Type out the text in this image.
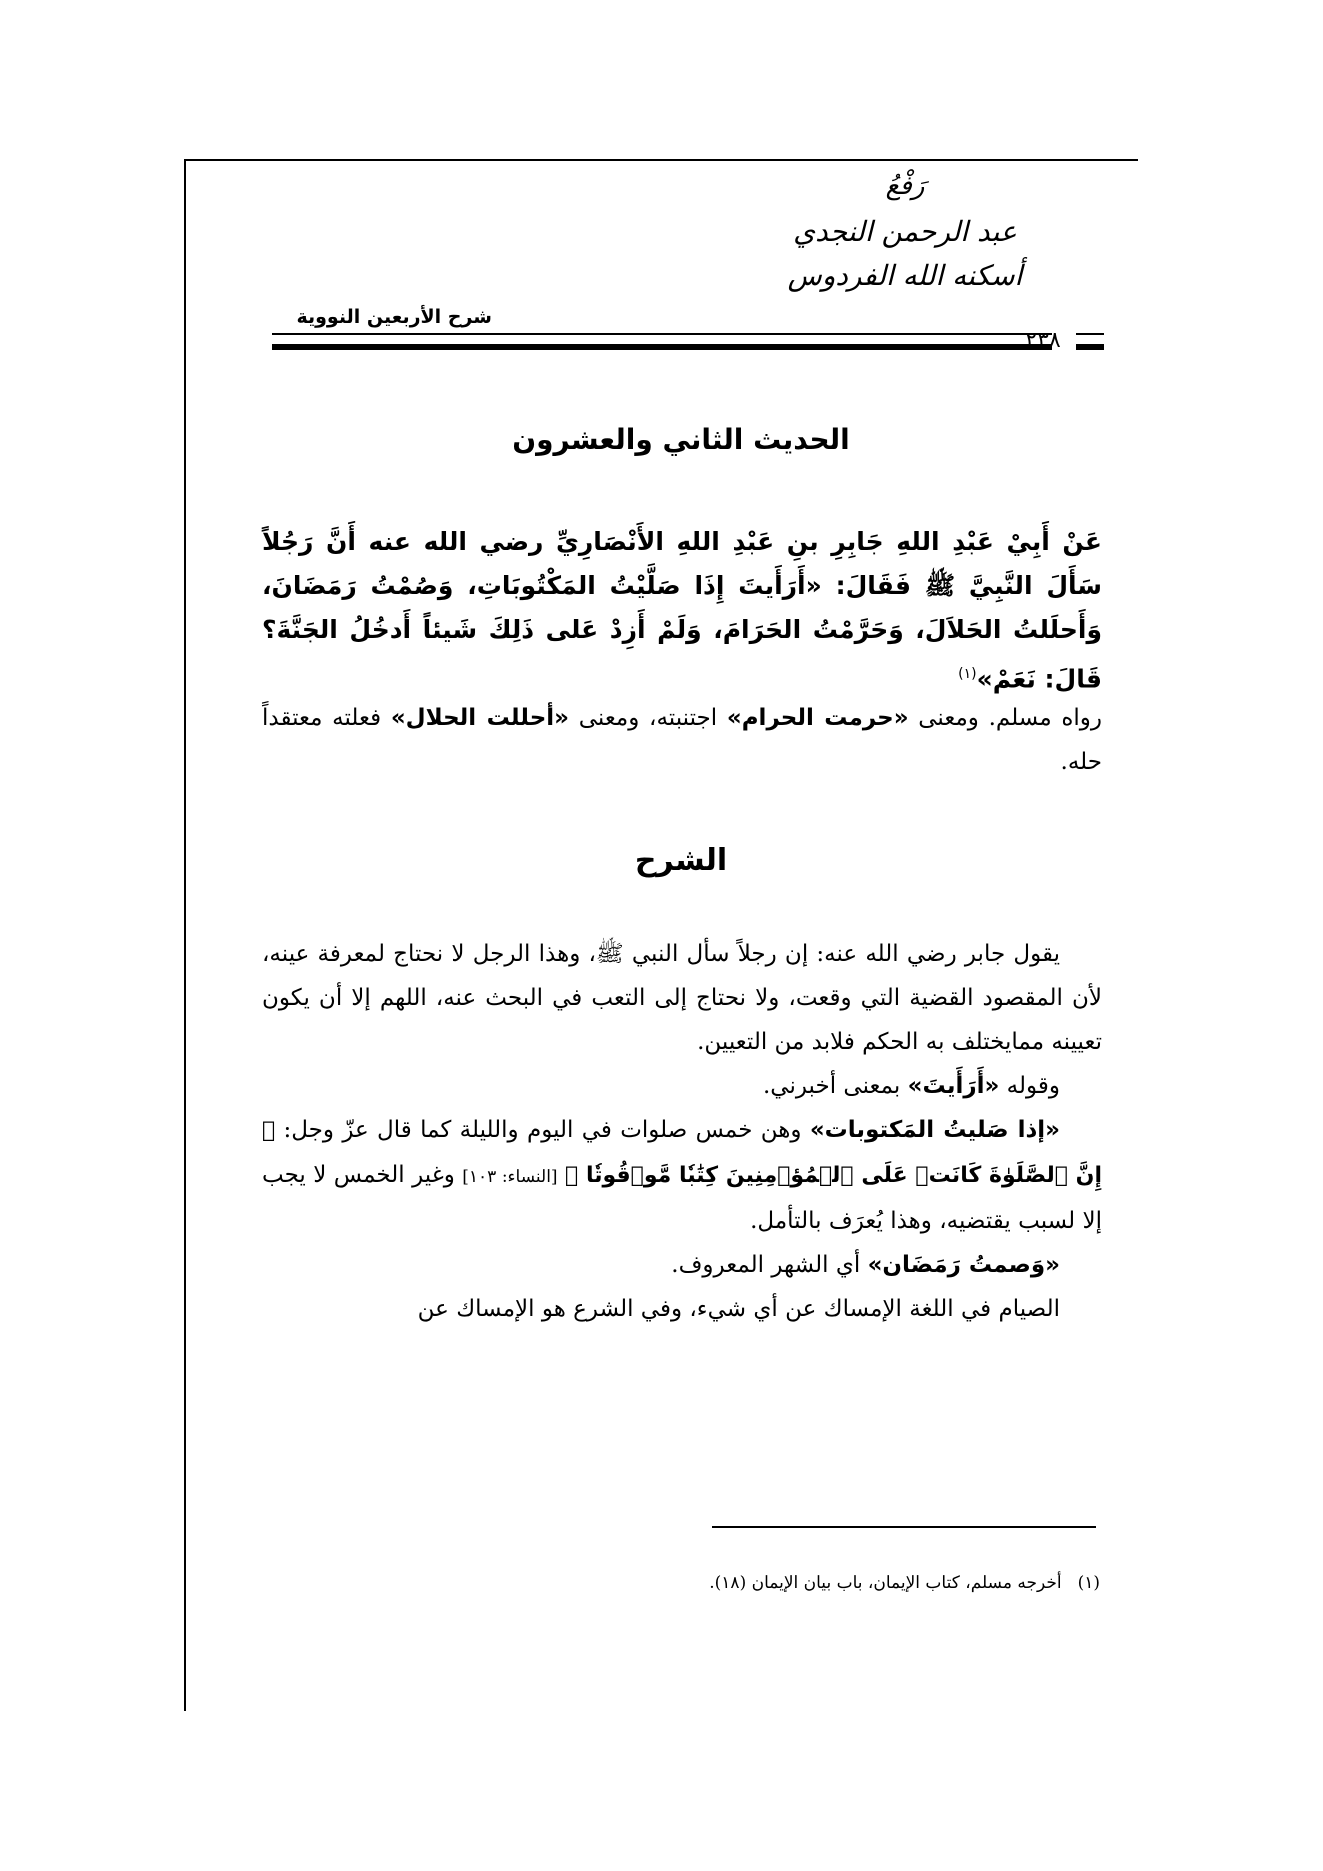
رَفْعُ
عبد الرحمن النجدي
أسكنه الله الفردوس
شرح الأربعين النووية
٢٣٨
الحديث الثاني والعشرون
عَنْ أَبِيْ عَبْدِ اللهِ جَابِرِ بنِ عَبْدِ اللهِ الأَنْصَارِيِّ رضي الله عنه أَنَّ رَجُلاً سَأَلَ النَّبِيَّ ﷺ فَقَالَ: «أَرَأَيتَ إِذَا صَلَّيْتُ المَكْتُوبَاتِ، وَصُمْتُ رَمَضَانَ، وَأَحلَلتُ الحَلاَلَ، وَحَرَّمْتُ الحَرَامَ، وَلَمْ أَزِدْ عَلى ذَلِكَ شَيئاً أَدخُلُ الجَنَّةَ؟ قَالَ: نَعَمْ»$^{(١)}$
رواه مسلم. ومعنى «حرمت الحرام» اجتنبته، ومعنى «أحللت الحلال» فعلته معتقداً حله.
الشرح

يقول جابر رضي الله عنه: إن رجلاً سأل النبي ﷺ، وهذا الرجل لا نحتاج لمعرفة عينه، لأن المقصود القضية التي وقعت، ولا نحتاج إلى التعب في البحث عنه، اللهم إلا أن يكون تعيينه ممايختلف به الحكم فلابد من التعيين.

وقوله «أَرَأَيتَ» بمعنى أخبرني.

«إذا صَليتُ المَكتوبات» وهن خمس صلوات في اليوم والليلة كما قال عزّ وجل: ﴿ إِنَّ ٱلصَّلَوٰةَ كَانَتۡ عَلَى ٱلۡمُؤۡمِنِينَ كِتَٰبٗا مَّوۡقُوتٗا ﴾ [النساء: ١٠٣] وغير الخمس لا يجب إلا لسبب يقتضيه، وهذا يُعرَف بالتأمل.

«وَصمتُ رَمَضَان» أي الشهر المعروف.

الصيام في اللغة الإمساك عن أي شيء، وفي الشرع هو الإمساك عن

(١)أخرجه مسلم، كتاب الإيمان، باب بيان الإيمان (١٨).
